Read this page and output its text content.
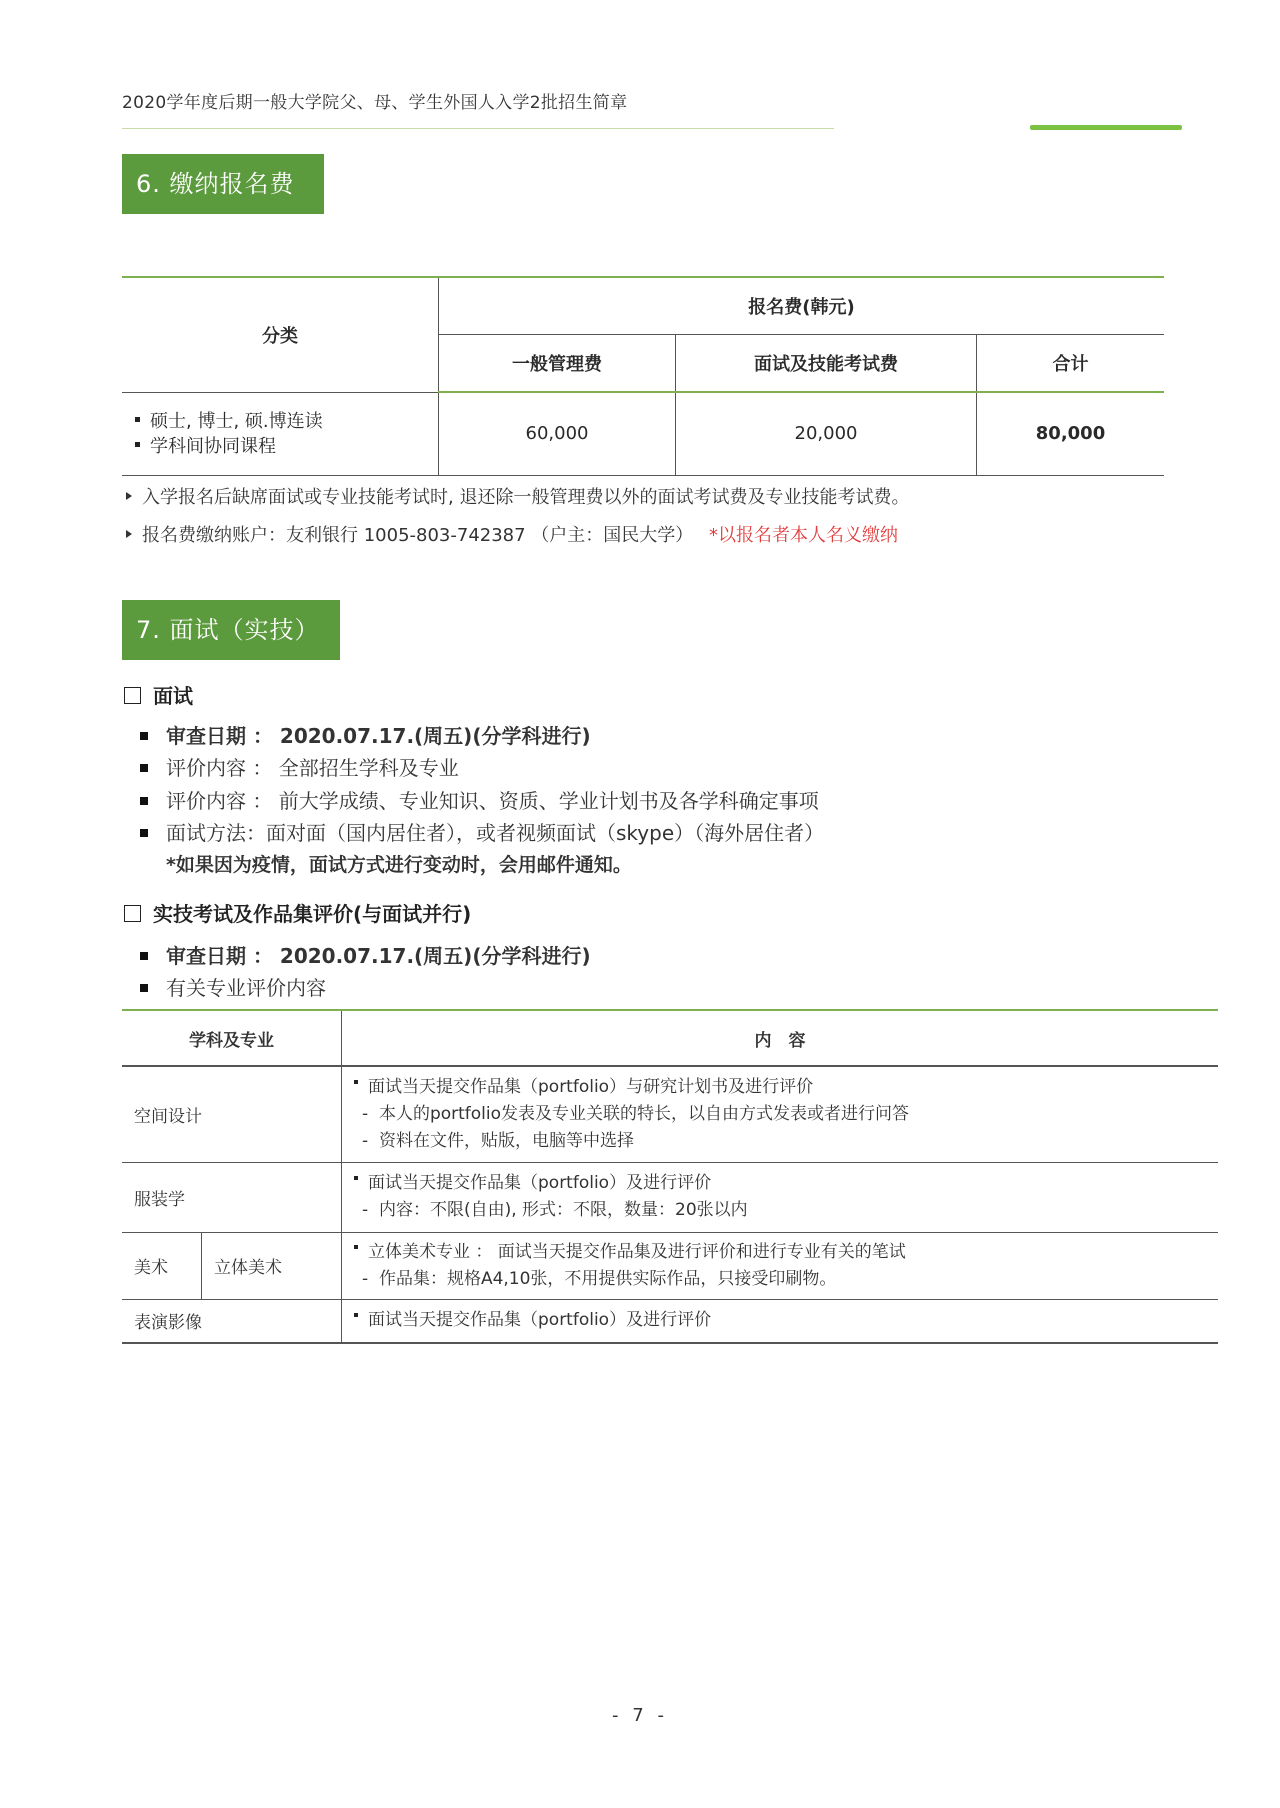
2020学年度后期一般大学院父、母、学生外国人入学2批招生简章
6. 缴纳报名费
分类	报名费(韩元)		
	一般管理费	面试及技能考试费	合计

硕士, 博士, 硕.博连读
学科间协同课程	60,000	20,000	80,000
入学报名后缺席面试或专业技能考试时, 退还除一般管理费以外的面试考试费及专业技能考试费。
报名费缴纳账户：友利银行 1005-803-742387 （户主：国民大学） *以报名者本人名义缴纳
7. 面试（实技）
面试
审查日期 ： 2020.07.17.(周五)(分学科进行)
评价内容 ： 全部招生学科及专业
评价内容 ： 前大学成绩、专业知识、资质、学业计划书及各学科确定事项
面试方法：面对面（国内居住者），或者视频面试（skype）（海外居住者）
*如果因为疫情，面试方式进行变动时，会用邮件通知。
实技考试及作品集评价(与面试并行)
审查日期 ： 2020.07.17.(周五)(分学科进行)
有关专业评价内容
学科及专业		内　容
空间设计		面试当天提交作品集（portfolio）与研究计划书及进行评价
-  本人的portfolio发表及专业关联的特长，以自由方式发表或者进行问答
-  资料在文件，贴版，电脑等中选择

服装学		面试当天提交作品集（portfolio）及进行评价
-  内容：不限(自由), 形式：不限，数量：20张以内

美术	立体美术	立体美术专业 ： 面试当天提交作品集及进行评价和进行专业有关的笔试
-  作品集：规格A4,10张，不用提供实际作品，只接受印刷物。

表演影像		面试当天提交作品集（portfolio）及进行评价
- 7 -
